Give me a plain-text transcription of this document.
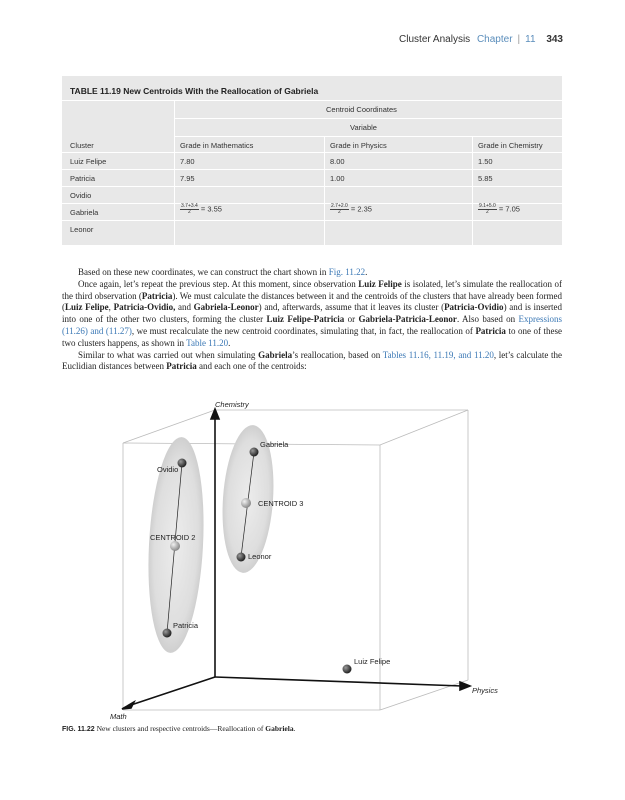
Cluster Analysis Chapter | 11 343
TABLE 11.19 New Centroids With the Reallocation of Gabriela
Centroid Coordinates
Variable
Cluster	Grade in Mathematics	Grade in Physics	Grade in Chemistry
Luiz Felipe	7.80	8.00	1.50
Patricia	7.95	1.00	5.85
Ovidio
Gabriela	$\frac{3.7+3.4}{2} = 3.55$	$\frac{2.7+2.0}{2} = 2.35$	$\frac{9.1+5.0}{2} = 7.05$
Leonor

Based on these new coordinates, we can construct the chart shown in Fig. 11.22.

Once again, let’s repeat the previous step. At this moment, since observation Luiz Felipe is isolated, let’s simulate the reallocation of the third observation (Patricia). We must calculate the distances between it and the centroids of the clusters that have already been formed (Luiz Felipe, Patricia-Ovidio, and Gabriela-Leonor) and, afterwards, assume that it leaves its cluster (Patricia-Ovidio) and is inserted into one of the other two clusters, forming the cluster Luiz Felipe-Patricia or Gabriela-Patricia-Leonor. Also based on Expressions (11.26) and (11.27), we must recalculate the new centroid coordinates, simulating that, in fact, the reallocation of Patricia to one of these two clusters happens, as shown in Table 11.20.

Similar to what was carried out when simulating Gabriela’s reallocation, based on Tables 11.16, 11.19, and 11.20, let’s calculate the Euclidian distances between Patricia and each one of the centroids:

Chemistry
Physics
Math
Gabriela
Ovidio
CENTROID 3
CENTROID 2
Leonor
Patricia
Luiz Felipe
FIG. 11.22 New clusters and respective centroids—Reallocation of Gabriela.
